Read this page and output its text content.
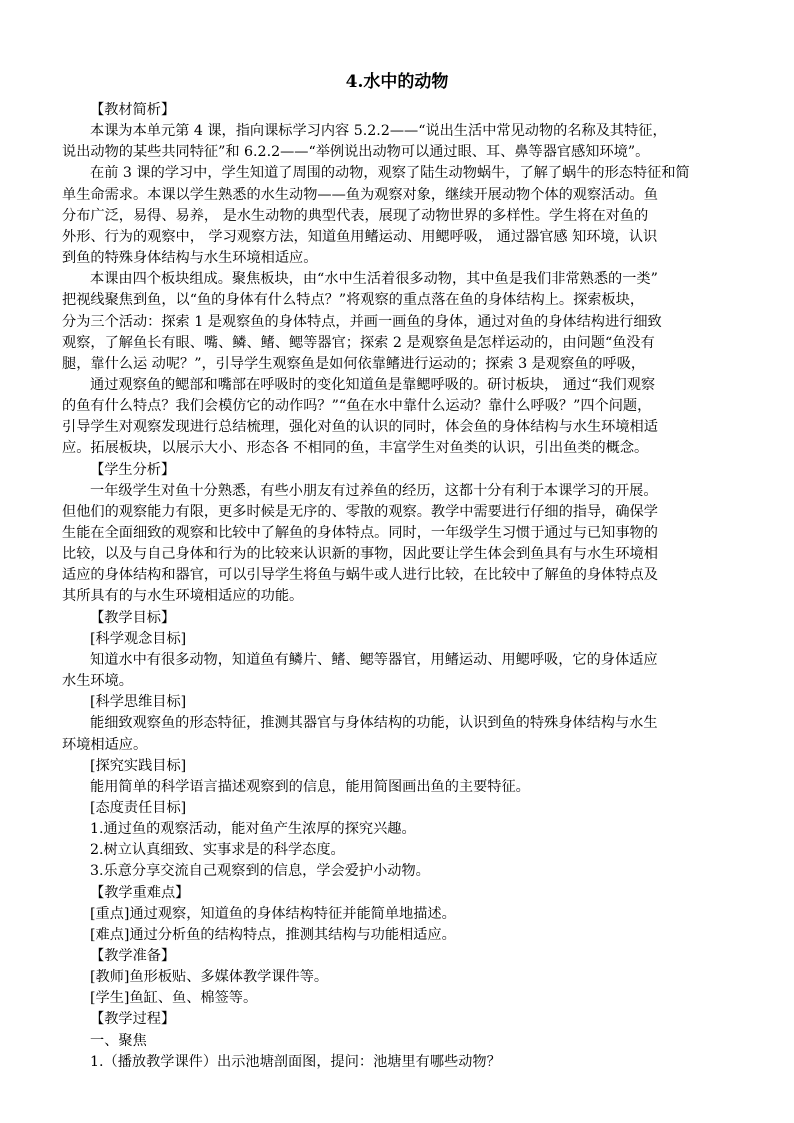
4.水中的动物
【教材简析】
本课为本单元第 4 课，指向课标学习内容 5.2.2——“说出生活中常见动物的名称及其特征，
说出动物的某些共同特征”和 6.2.2——“举例说出动物可以通过眼、耳、鼻等器官感知环境”。
在前 3 课的学习中，学生知道了周围的动物，观察了陆生动物蜗牛，了解了蜗牛的形态特征和简
单生命需求。本课以学生熟悉的水生动物——鱼为观察对象，继续开展动物个体的观察活动。鱼
分布广泛，易得、易养， 是水生动物的典型代表，展现了动物世界的多样性。学生将在对鱼的
外形、行为的观察中， 学习观察方法，知道鱼用鳍运动、用鳃呼吸， 通过器官感 知环境，认识
到鱼的特殊身体结构与水生环境相适应。
本课由四个板块组成。聚焦板块，由“水中生活着很多动物，其中鱼是我们非常熟悉的一类”
把视线聚焦到鱼，以“鱼的身体有什么特点？”将观察的重点落在鱼的身体结构上。探索板块，
分为三个活动：探索 1 是观察鱼的身体特点，并画一画鱼的身体，通过对鱼的身体结构进行细致
观察，了解鱼长有眼、嘴、鳞、鳍、鳃等器官；探索 2 是观察鱼是怎样运动的，由问题“鱼没有
腿，靠什么运 动呢？”，引导学生观察鱼是如何依靠鳍进行运动的；探索 3 是观察鱼的呼吸，
通过观察鱼的鳃部和嘴部在呼吸时的变化知道鱼是靠鳃呼吸的。研讨板块， 通过“我们观察
的鱼有什么特点？我们会模仿它的动作吗？”“鱼在水中靠什么运动？靠什么呼吸？”四个问题，
引导学生对观察发现进行总结梳理，强化对鱼的认识的同时，体会鱼的身体结构与水生环境相适
应。拓展板块，以展示大小、形态各 不相同的鱼，丰富学生对鱼类的认识，引出鱼类的概念。
【学生分析】
一年级学生对鱼十分熟悉，有些小朋友有过养鱼的经历，这都十分有利于本课学习的开展。
但他们的观察能力有限，更多时候是无序的、零散的观察。教学中需要进行仔细的指导，确保学
生能在全面细致的观察和比较中了解鱼的身体特点。同时，一年级学生习惯于通过与已知事物的
比较，以及与自己身体和行为的比较来认识新的事物，因此要让学生体会到鱼具有与水生环境相
适应的身体结构和器官，可以引导学生将鱼与蜗牛或人进行比较，在比较中了解鱼的身体特点及
其所具有的与水生环境相适应的功能。
【教学目标】
[科学观念目标]
知道水中有很多动物，知道鱼有鳞片、鳍、鳃等器官，用鳍运动、用鳃呼吸，它的身体适应
水生环境。
[科学思维目标]
能细致观察鱼的形态特征，推测其器官与身体结构的功能，认识到鱼的特殊身体结构与水生
环境相适应。
[探究实践目标]
能用简单的科学语言描述观察到的信息，能用简图画出鱼的主要特征。
[态度责任目标]
1.通过鱼的观察活动，能对鱼产生浓厚的探究兴趣。
2.树立认真细致、实事求是的科学态度。
3.乐意分享交流自己观察到的信息，学会爱护小动物。
【教学重难点】
[重点]通过观察，知道鱼的身体结构特征并能简单地描述。
[难点]通过分析鱼的结构特点，推测其结构与功能相适应。
【教学准备】
[教师]鱼形板贴、多媒体教学课件等。
[学生]鱼缸、鱼、棉签等。
【教学过程】
一、聚焦
1.（播放教学课件）出示池塘剖面图，提问：池塘里有哪些动物？
